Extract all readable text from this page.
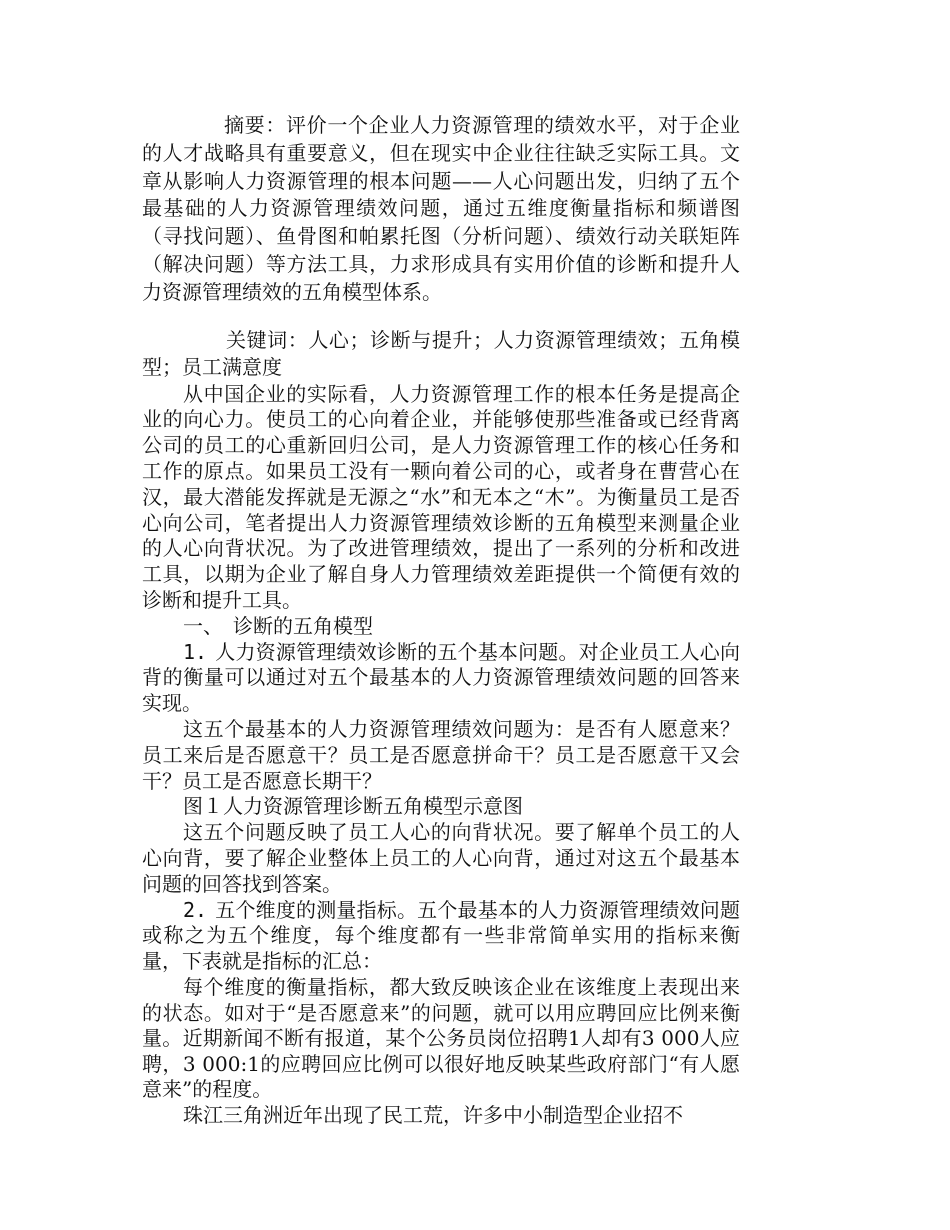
摘要：评价一个企业人力资源管理的绩效水平，对于企业的人才战略具有重要意义，但在现实中企业往往缺乏实际工具。文章从影响人力资源管理的根本问题——人心问题出发，归纳了五个最基础的人力资源管理绩效问题，通过五维度衡量指标和频谱图（寻找问题）、鱼骨图和帕累托图（分析问题）、绩效行动关联矩阵（解决问题）等方法工具，力求形成具有实用价值的诊断和提升人力资源管理绩效的五角模型体系。

关键词：人心；诊断与提升；人力资源管理绩效；五角模型；员工满意度

从中国企业的实际看，人力资源管理工作的根本任务是提高企业的向心力。使员工的心向着企业，并能够使那些准备或已经背离公司的员工的心重新回归公司，是人力资源管理工作的核心任务和工作的原点。如果员工没有一颗向着公司的心，或者身在曹营心在汉，最大潜能发挥就是无源之“水”和无本之“木”。为衡量员工是否心向公司，笔者提出人力资源管理绩效诊断的五角模型来测量企业的人心向背状况。为了改进管理绩效，提出了一系列的分析和改进工具，以期为企业了解自身人力管理绩效差距提供一个简便有效的诊断和提升工具。

一、　诊断的五角模型

1. 人力资源管理绩效诊断的五个基本问题。对企业员工人心向背的衡量可以通过对五个最基本的人力资源管理绩效问题的回答来实现。

这五个最基本的人力资源管理绩效问题为：是否有人愿意来？员工来后是否愿意干？员工是否愿意拼命干？员工是否愿意干又会干？员工是否愿意长期干？

图１人力资源管理诊断五角模型示意图

这五个问题反映了员工人心的向背状况。要了解单个员工的人心向背，要了解企业整体上员工的人心向背，通过对这五个最基本问题的回答找到答案。

2. 五个维度的测量指标。五个最基本的人力资源管理绩效问题或称之为五个维度，每个维度都有一些非常简单实用的指标来衡量，下表就是指标的汇总：

每个维度的衡量指标，都大致反映该企业在该维度上表现出来的状态。如对于“是否愿意来”的问题，就可以用应聘回应比例来衡量。近期新闻不断有报道，某个公务员岗位招聘1人却有3 000人应聘，3 000:1的应聘回应比例可以很好地反映某些政府部门“有人愿意来”的程度。

珠江三角洲近年出现了民工荒，许多中小制造型企业招不
